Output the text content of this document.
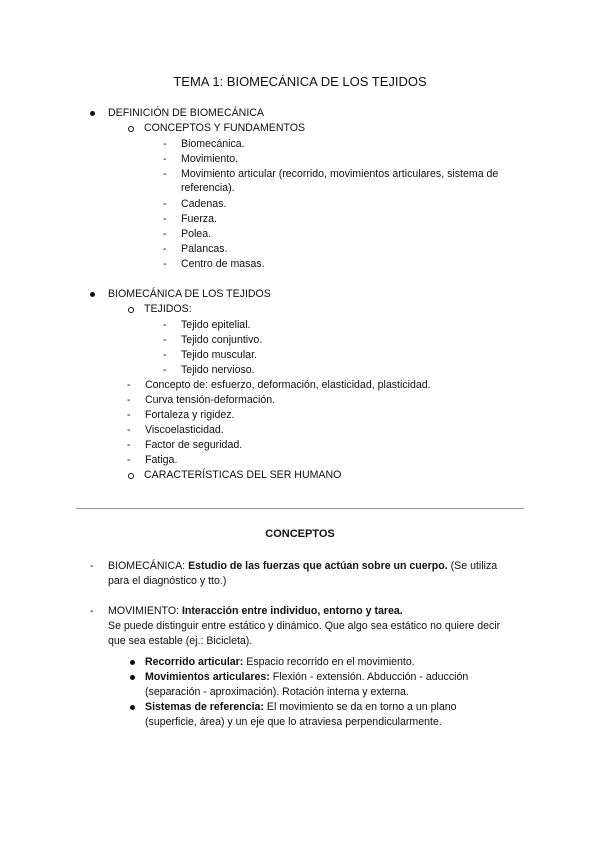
TEMA 1: BIOMECÁNICA DE LOS TEJIDOS
DEFINICIÓN DE BIOMECÁNICA
CONCEPTOS Y FUNDAMENTOS
- Biomecánica.
- Movimiento.
- Movimiento articular (recorrido, movimientos articulares, sistema de
referencia).
- Cadenas.
- Fuerza.
- Polea.
- Palancas.
- Centro de masas.
BIOMECÁNICA DE LOS TEJIDOS
TEJIDOS:
- Tejido epitelial.
- Tejido conjuntivo.
- Tejido muscular.
- Tejido nervioso.
- Concepto de: esfuerzo, deformación, elasticidad, plasticidad.
- Curva tensión-deformación.
- Fortaleza y rigidez.
- Viscoelasticidad.
- Factor de seguridad.
- Fatiga.
CARACTERÍSTICAS DEL SER HUMANO
CONCEPTOS
- BIOMECÁNICA: Estudio de las fuerzas que actúan sobre un cuerpo. (Se utiliza
para el diagnóstico y tto.)
- MOVIMIENTO: Interacción entre individuo, entorno y tarea.
Se puede distinguir entre estático y dinámico. Que algo sea estático no quiere decir
que sea estable (ej.: Bicicleta).
Recorrido articular: Espacio recorrido en el movimiento.
Movimientos articulares: Flexión - extensión. Abducción - aducción
(separación - aproximación). Rotación interna y externa.
Sistemas de referencia: El movimiento se da en torno a un plano
(superficie, área) y un eje que lo atraviesa perpendicularmente.
